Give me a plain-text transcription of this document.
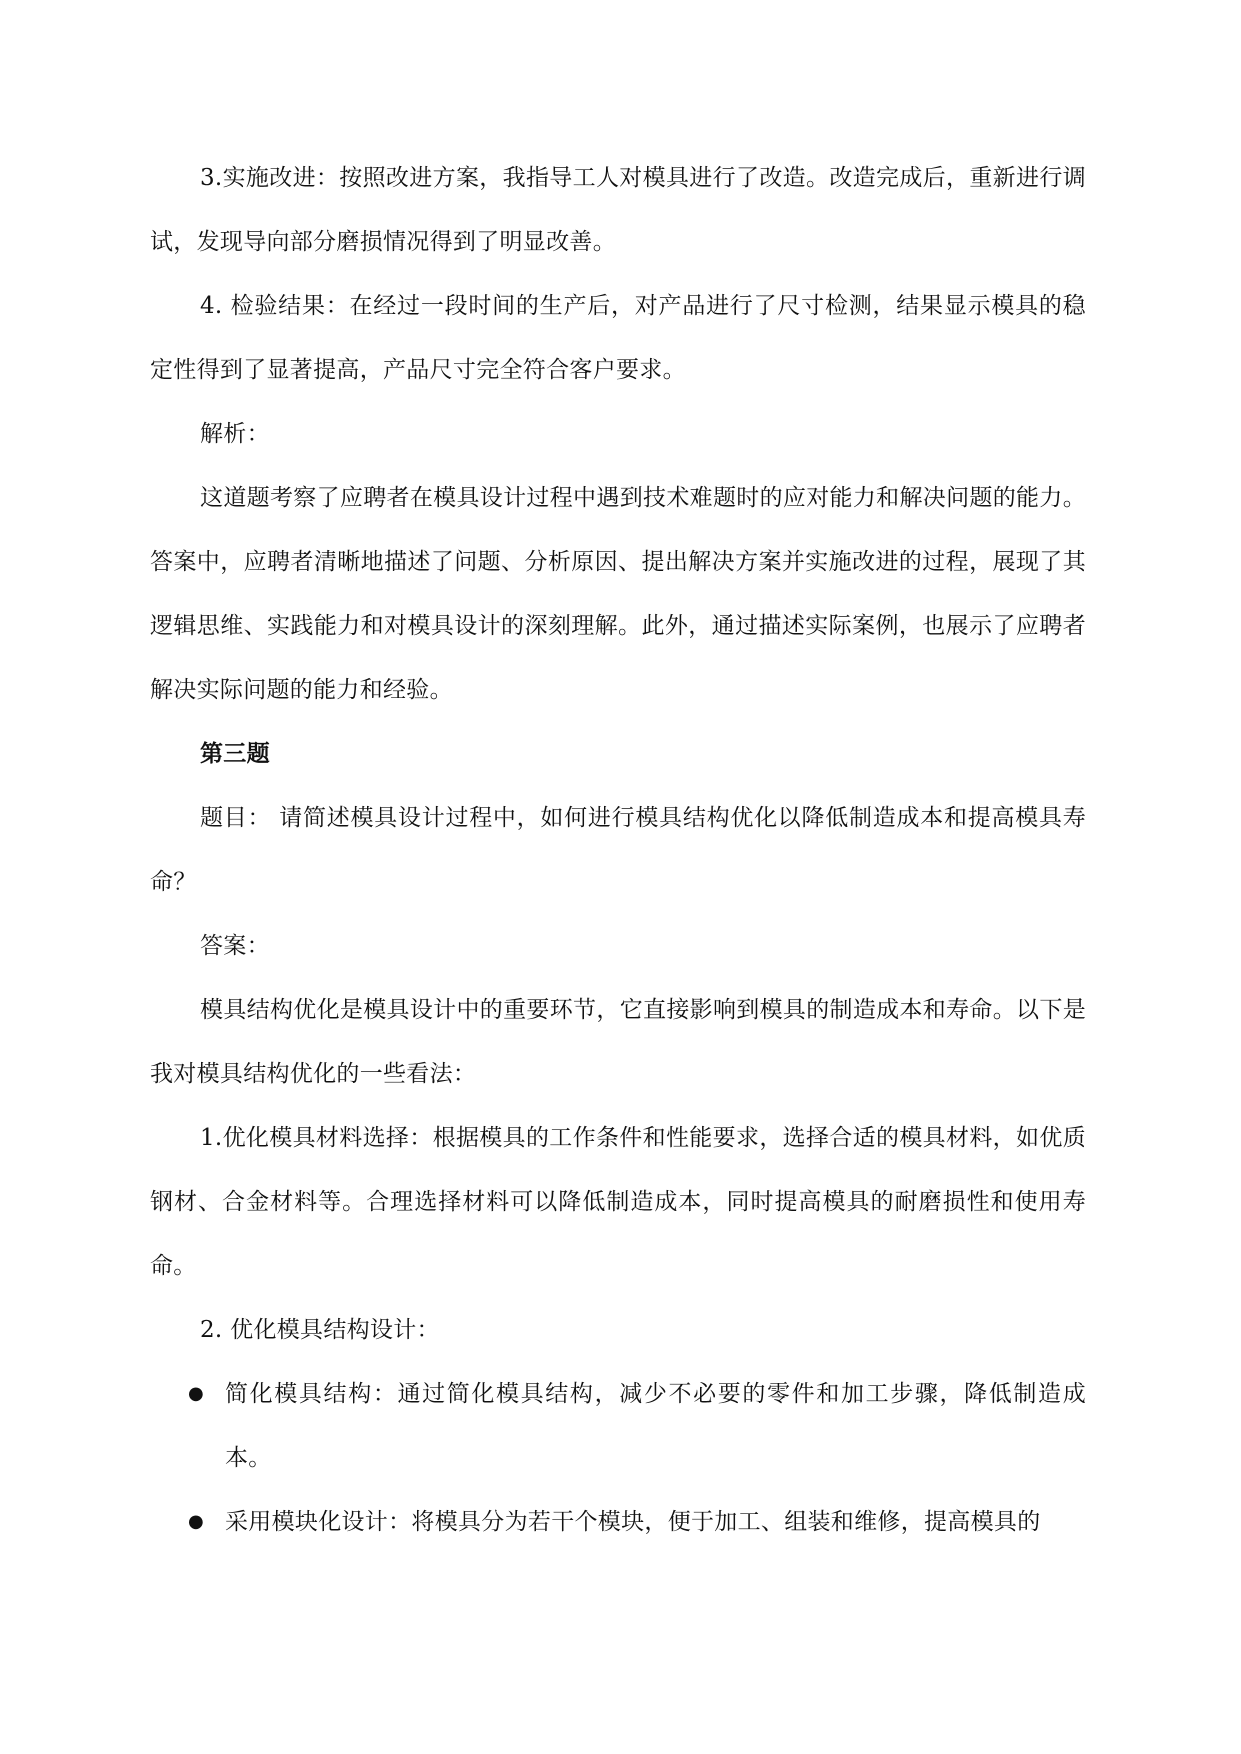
3.实施改进：按照改进方案，我指导工人对模具进行了改造。改造完成后，重新进行调试，发现导向部分磨损情况得到了明显改善。

4. 检验结果：在经过一段时间的生产后，对产品进行了尺寸检测，结果显示模具的稳定性得到了显著提高，产品尺寸完全符合客户要求。

解析：

这道题考察了应聘者在模具设计过程中遇到技术难题时的应对能力和解决问题的能力。答案中，应聘者清晰地描述了问题、分析原因、提出解决方案并实施改进的过程，展现了其逻辑思维、实践能力和对模具设计的深刻理解。此外，通过描述实际案例，也展示了应聘者解决实际问题的能力和经验。

第三题

题目： 请简述模具设计过程中，如何进行模具结构优化以降低制造成本和提高模具寿命？

答案：

模具结构优化是模具设计中的重要环节，它直接影响到模具的制造成本和寿命。以下是我对模具结构优化的一些看法：

1.优化模具材料选择：根据模具的工作条件和性能要求，选择合适的模具材料，如优质钢材、合金材料等。合理选择材料可以降低制造成本，同时提高模具的耐磨损性和使用寿命。

2. 优化模具结构设计：

● 简化模具结构：通过简化模具结构，减少不必要的零件和加工步骤，降低制造成本。
● 采用模块化设计：将模具分为若干个模块，便于加工、组装和维修，提高模具的
